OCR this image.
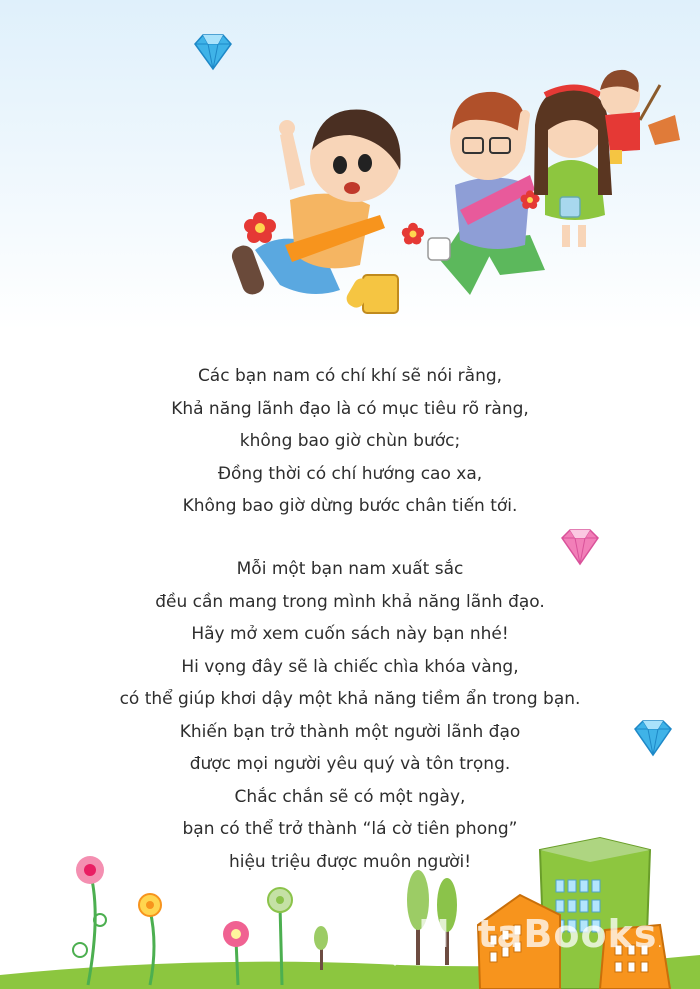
Các bạn nam có chí khí sẽ nói rằng,
Khả năng lãnh đạo là có mục tiêu rõ ràng,
không bao giờ chùn bước;
Đồng thời có chí hướng cao xa,
Không bao giờ dừng bước chân tiến tới.
Mỗi một bạn nam xuất sắc
đều cần mang trong mình khả năng lãnh đạo.
Hãy mở xem cuốn sách này bạn nhé!
Hi vọng đây sẽ là chiếc chìa khóa vàng,
có thể giúp khơi dậy một khả năng tiềm ẩn trong bạn.
Khiến bạn trở thành một người lãnh đạo
được mọi người yêu quý và tôn trọng.
Chắc chắn sẽ có một ngày,
bạn có thể trở thành “lá cờ tiên phong”
hiệu triệu được muôn người!
NetaBooks.vn
